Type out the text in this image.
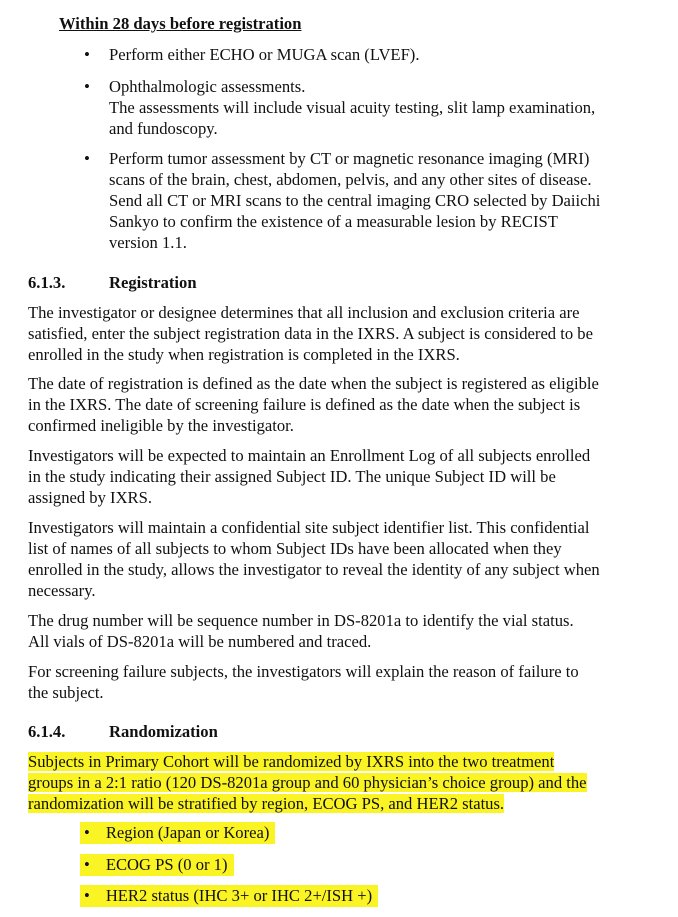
Within 28 days before registration
• Perform either ECHO or MUGA scan (LVEF).
• Ophthalmologic assessments.
The assessments will include visual acuity testing, slit lamp examination,
and fundoscopy.
• Perform tumor assessment by CT or magnetic resonance imaging (MRI)
scans of the brain, chest, abdomen, pelvis, and any other sites of disease.
Send all CT or MRI scans to the central imaging CRO selected by Daiichi
Sankyo to confirm the existence of a measurable lesion by RECIST
version 1.1.
6.1.3.	Registration
The investigator or designee determines that all inclusion and exclusion criteria are
satisfied, enter the subject registration data in the IXRS. A subject is considered to be
enrolled in the study when registration is completed in the IXRS.
The date of registration is defined as the date when the subject is registered as eligible
in the IXRS. The date of screening failure is defined as the date when the subject is
confirmed ineligible by the investigator.
Investigators will be expected to maintain an Enrollment Log of all subjects enrolled
in the study indicating their assigned Subject ID. The unique Subject ID will be
assigned by IXRS.
Investigators will maintain a confidential site subject identifier list. This confidential
list of names of all subjects to whom Subject IDs have been allocated when they
enrolled in the study, allows the investigator to reveal the identity of any subject when
necessary.
The drug number will be sequence number in DS-8201a to identify the vial status.
All vials of DS-8201a will be numbered and traced.
For screening failure subjects, the investigators will explain the reason of failure to
the subject.
6.1.4.	Randomization
Subjects in Primary Cohort will be randomized by IXRS into the two treatment
groups in a 2:1 ratio (120 DS-8201a group and 60 physician’s choice group) and the
randomization will be stratified by region, ECOG PS, and HER2 status.
• Region (Japan or Korea)
• ECOG PS (0 or 1)
• HER2 status (IHC 3+ or IHC 2+/ISH +)
